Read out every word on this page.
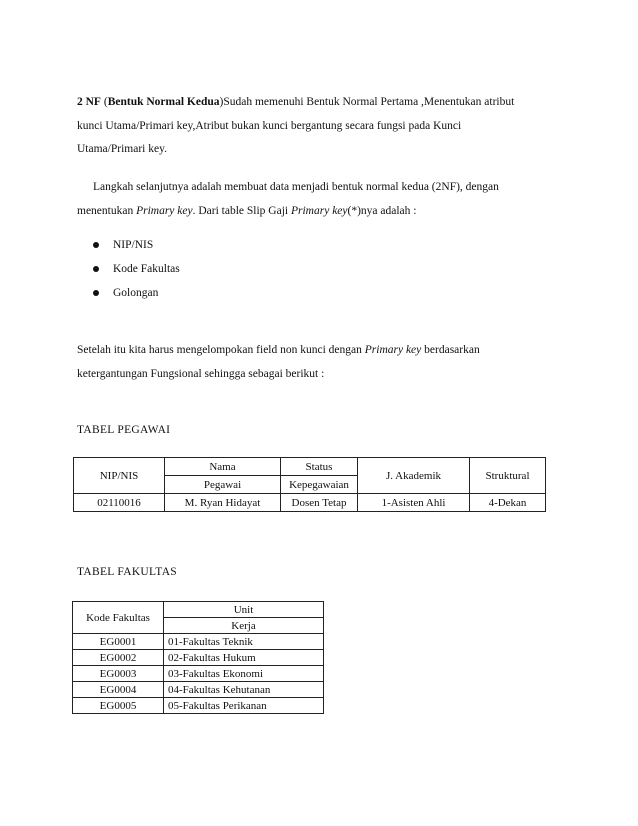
2 NF (Bentuk Normal Kedua)Sudah memenuhi Bentuk Normal Pertama ,Menentukan atribut
kunci Utama/Primari key,Atribut bukan kunci bergantung secara fungsi pada Kunci
Utama/Primari key.
Langkah selanjutnya adalah membuat data menjadi bentuk normal kedua (2NF), dengan
menentukan Primary key. Dari table Slip Gaji Primary key(*)nya adalah :
NIP/NIS
Kode Fakultas
Golongan
Setelah itu kita harus mengelompokan field non kunci dengan Primary key berdasarkan
ketergantungan Fungsional sehingga sebagai berikut :
TABEL PEGAWAI
NIP/NIS	Nama	Status	J. Akademik	Struktural
	Pegawai	Kepegawaian		
02110016	M. Ryan Hidayat	Dosen Tetap	1-Asisten Ahli	4-Dekan
TABEL FAKULTAS
Kode Fakultas	Unit
	Kerja
EG0001	01-Fakultas Teknik
EG0002	02-Fakultas Hukum
EG0003	03-Fakultas Ekonomi
EG0004	04-Fakultas Kehutanan
EG0005	05-Fakultas Perikanan
